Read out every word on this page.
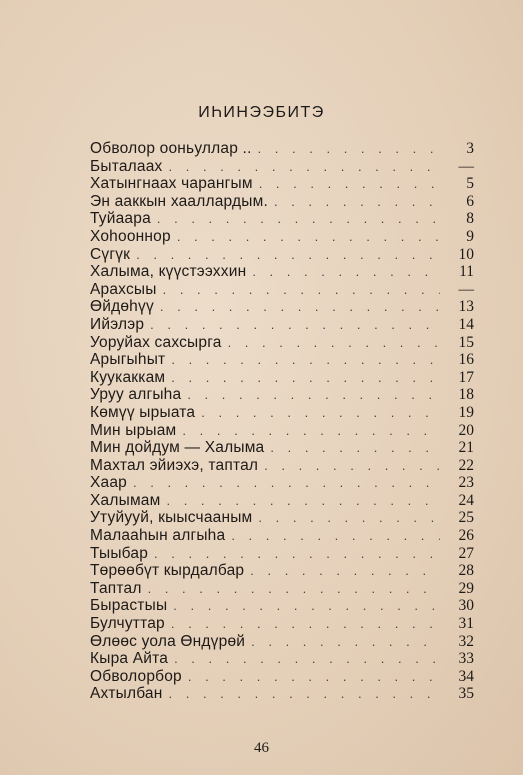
ИҺИНЭЭБИТЭ
Обволор ооньуллар .. . . .	3
Быталаах . . .	—
Хатынгнаах чарангым . . .	5
Эн ааккын хааллардым. . . .	6
Туйаара . . .	8
Хоһооннор . . .	9
Сүгүк . . .	10
Халыма, күүстээххин . . .	11
Арахсыы . . .	—
Өйдөһүү . . .	13
Ийэлэр . . .	14
Уоруйах сахсырга . . .	15
Арыгыһыт . . .	16
Куукаккам . . .	17
Уруу алгыһа . . .	18
Көмүү ырыата . . .	19
Мин ырыам . . .	20
Мин дойдум — Халыма . . .	21
Махтал эйиэхэ, таптал . . .	22
Хаар . . .	23
Халымам . . .	24
Утуйууй, кыысчааным . . .	25
Малааһын алгыһа . . .	26
Тыыбар . . .	27
Төрөөбүт кырдалбар . . .	28
Таптал . . .	29
Бырастыы . . .	30
Булчуттар . . .	31
Өлөөс уола Өндүрөй . . .	32
Кыра Айта . . .	33
Обволорбор . . .	34
Ахтылбан . . .	35
46
